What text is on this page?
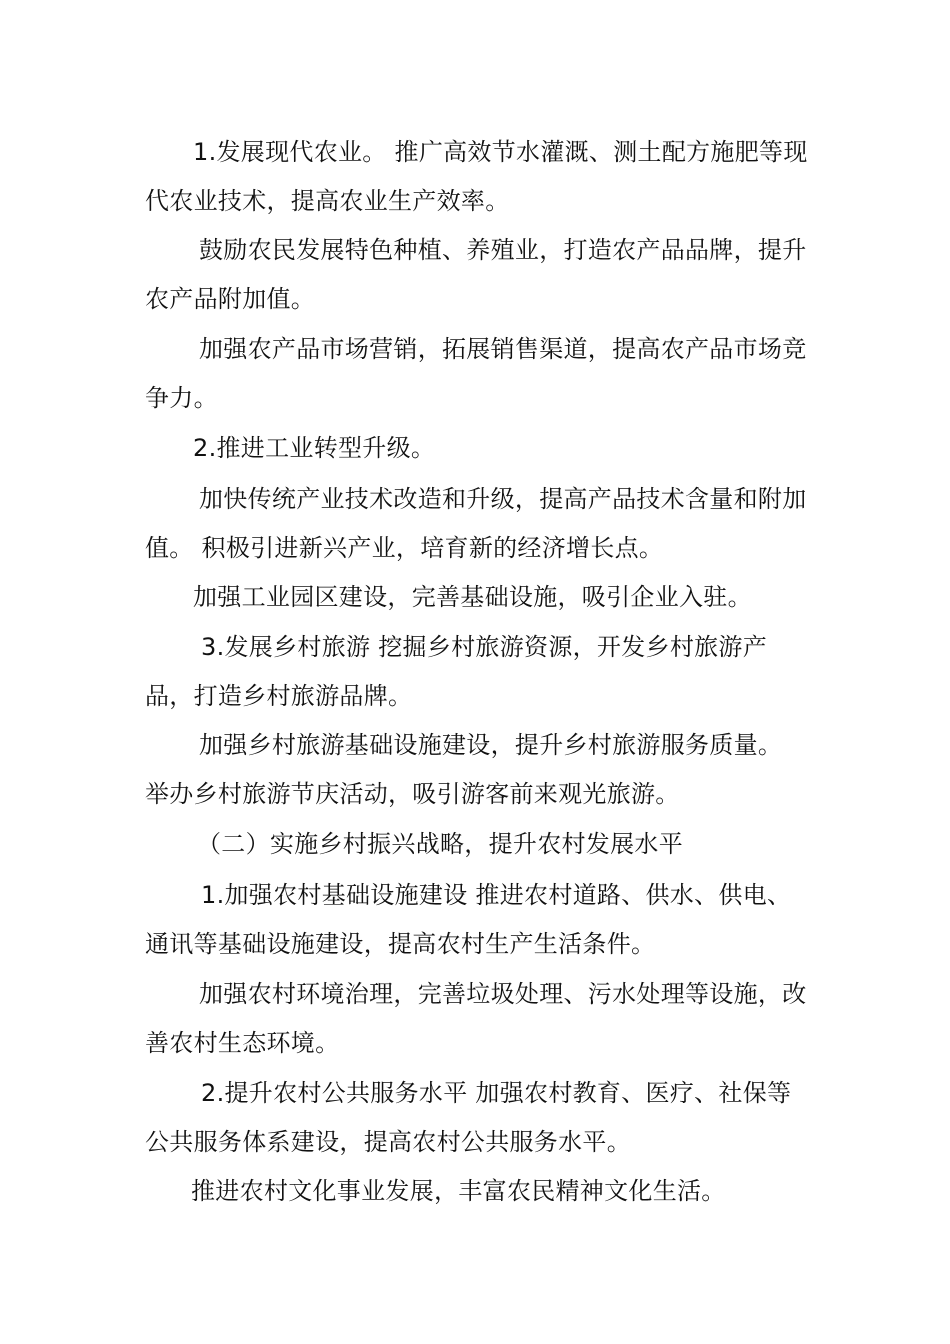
1.发展现代农业。 推广高效节水灌溉、测土配方施肥等现代农业技术，提高农业生产效率。

鼓励农民发展特色种植、养殖业，打造农产品品牌，提升农产品附加值。

加强农产品市场营销，拓展销售渠道，提高农产品市场竞争力。

2.推进工业转型升级。

加快传统产业技术改造和升级，提高产品技术含量和附加值。 积极引进新兴产业，培育新的经济增长点。

加强工业园区建设，完善基础设施，吸引企业入驻。

3.发展乡村旅游 挖掘乡村旅游资源，开发乡村旅游产品，打造乡村旅游品牌。

加强乡村旅游基础设施建设，提升乡村旅游服务质量。 举办乡村旅游节庆活动，吸引游客前来观光旅游。

（二）实施乡村振兴战略，提升农村发展水平

1.加强农村基础设施建设 推进农村道路、供水、供电、通讯等基础设施建设，提高农村生产生活条件。

加强农村环境治理，完善垃圾处理、污水处理等设施，改善农村生态环境。

2.提升农村公共服务水平 加强农村教育、医疗、社保等公共服务体系建设，提高农村公共服务水平。

推进农村文化事业发展，丰富农民精神文化生活。
